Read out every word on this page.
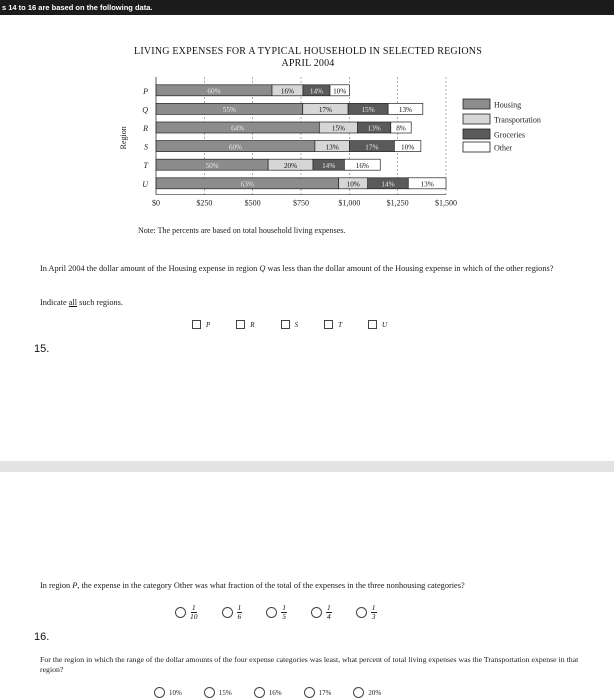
s 14 to 16 are based on the following data.
LIVING EXPENSES FOR A TYPICAL HOUSEHOLD IN SELECTED REGIONS
APRIL 2004
60%	16% 14% 10%
55%	17%	15%	13%
64%	15%	13% 8%
60%	13%	17%	10%
50%	20%	14%	16%
63%	10%	14%	13%
P
Q
R
S
T
U
Region
$0	$250	$500	$750	$1,000	$1,250	$1,500
Housing
Transportation
Groceries
Other
Note: The percents are based on total household living expenses.
In April 2004 the dollar amount of the Housing expense in region Q was less than the dollar amount of the Housing expense in which of the other regions?
Indicate all such regions.
P	R	S	T	U
15.
In region P, the expense in the category Other was what fraction of the total of the expenses in the three nonhousing categories?
$\frac{1}{10}$	$\frac{1}{6}$	$\frac{1}{5}$	$\frac{1}{4}$	$\frac{1}{3}$
16.
For the region in which the range of the dollar amounts of the four expense categories was least, what percent of total living expenses was the Transportation expense in that region?
10%	15%	16%	17%	20%
